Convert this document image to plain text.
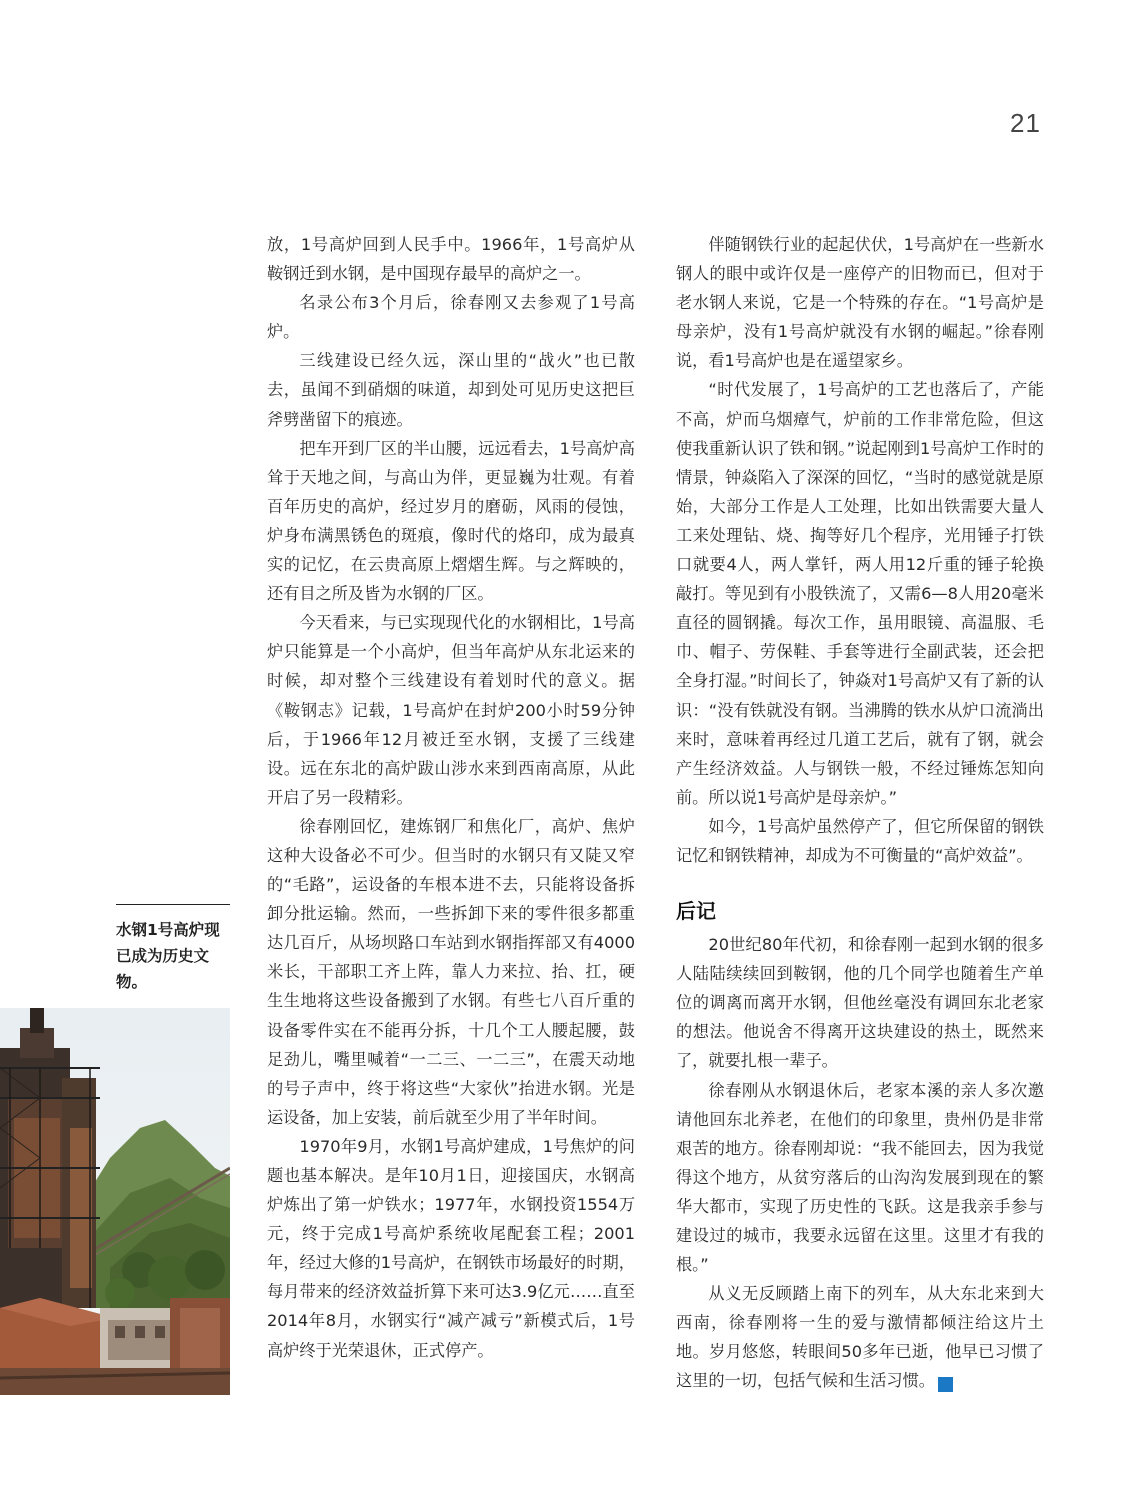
21

放，1号高炉回到人民手中。1966年，1号高炉从鞍钢迁到水钢，是中国现存最早的高炉之一。

名录公布3个月后，徐春刚又去参观了1号高炉。

三线建设已经久远，深山里的“战火”也已散去，虽闻不到硝烟的味道，却到处可见历史这把巨斧劈凿留下的痕迹。

把车开到厂区的半山腰，远远看去，1号高炉高耸于天地之间，与高山为伴，更显巍为壮观。有着百年历史的高炉，经过岁月的磨砺，风雨的侵蚀，炉身布满黑锈色的斑痕，像时代的烙印，成为最真实的记忆，在云贵高原上熠熠生辉。与之辉映的，还有目之所及皆为水钢的厂区。

今天看来，与已实现现代化的水钢相比，1号高炉只能算是一个小高炉，但当年高炉从东北运来的时候，却对整个三线建设有着划时代的意义。据《鞍钢志》记载，1号高炉在封炉200小时59分钟后，于1966年12月被迁至水钢，支援了三线建设。远在东北的高炉跋山涉水来到西南高原，从此开启了另一段精彩。

徐春刚回忆，建炼钢厂和焦化厂，高炉、焦炉这种大设备必不可少。但当时的水钢只有又陡又窄的“毛路”，运设备的车根本进不去，只能将设备拆卸分批运输。然而，一些拆卸下来的零件很多都重达几百斤，从场坝路口车站到水钢指挥部又有4000米长，干部职工齐上阵，靠人力来拉、抬、扛，硬生生地将这些设备搬到了水钢。有些七八百斤重的设备零件实在不能再分拆，十几个工人腰起腰，鼓足劲儿，嘴里喊着“一二三、一二三”，在震天动地的号子声中，终于将这些“大家伙”抬进水钢。光是运设备，加上安装，前后就至少用了半年时间。

1970年9月，水钢1号高炉建成，1号焦炉的问题也基本解决。是年10月1日，迎接国庆，水钢高炉炼出了第一炉铁水；1977年，水钢投资1554万元，终于完成1号高炉系统收尾配套工程；2001年，经过大修的1号高炉，在钢铁市场最好的时期，每月带来的经济效益折算下来可达3.9亿元……直至2014年8月，水钢实行“减产减亏”新模式后，1号高炉终于光荣退休，正式停产。

伴随钢铁行业的起起伏伏，1号高炉在一些新水钢人的眼中或许仅是一座停产的旧物而已，但对于老水钢人来说，它是一个特殊的存在。“1号高炉是母亲炉，没有1号高炉就没有水钢的崛起。”徐春刚说，看1号高炉也是在遥望家乡。

“时代发展了，1号高炉的工艺也落后了，产能不高，炉而乌烟瘴气，炉前的工作非常危险，但这使我重新认识了铁和钢。”说起刚到1号高炉工作时的情景，钟焱陷入了深深的回忆，“当时的感觉就是原始，大部分工作是人工处理，比如出铁需要大量人工来处理钻、烧、掏等好几个程序，光用锤子打铁口就要4人，两人掌钎，两人用12斤重的锤子轮换敲打。等见到有小股铁流了，又需6—8人用20毫米直径的圆钢撬。每次工作，虽用眼镜、高温服、毛巾、帽子、劳保鞋、手套等进行全副武装，还会把全身打湿。”时间长了，钟焱对1号高炉又有了新的认识：“没有铁就没有钢。当沸腾的铁水从炉口流淌出来时，意味着再经过几道工艺后，就有了钢，就会产生经济效益。人与钢铁一般，不经过锤炼怎知向前。所以说1号高炉是母亲炉。”

如今，1号高炉虽然停产了，但它所保留的钢铁记忆和钢铁精神，却成为不可衡量的“高炉效益”。

后记

20世纪80年代初，和徐春刚一起到水钢的很多人陆陆续续回到鞍钢，他的几个同学也随着生产单位的调离而离开水钢，但他丝毫没有调回东北老家的想法。他说舍不得离开这块建设的热土，既然来了，就要扎根一辈子。

徐春刚从水钢退休后，老家本溪的亲人多次邀请他回东北养老，在他们的印象里，贵州仍是非常艰苦的地方。徐春刚却说：“我不能回去，因为我觉得这个地方，从贫穷落后的山沟沟发展到现在的繁华大都市，实现了历史性的飞跃。这是我亲手参与建设过的城市，我要永远留在这里。这里才有我的根。”

从义无反顾踏上南下的列车，从大东北来到大西南，徐春刚将一生的爱与激情都倾注给这片土地。岁月悠悠，转眼间50多年已逝，他早已习惯了这里的一切，包括气候和生活习惯。	G

水钢1号高炉现已成为历史文物。
